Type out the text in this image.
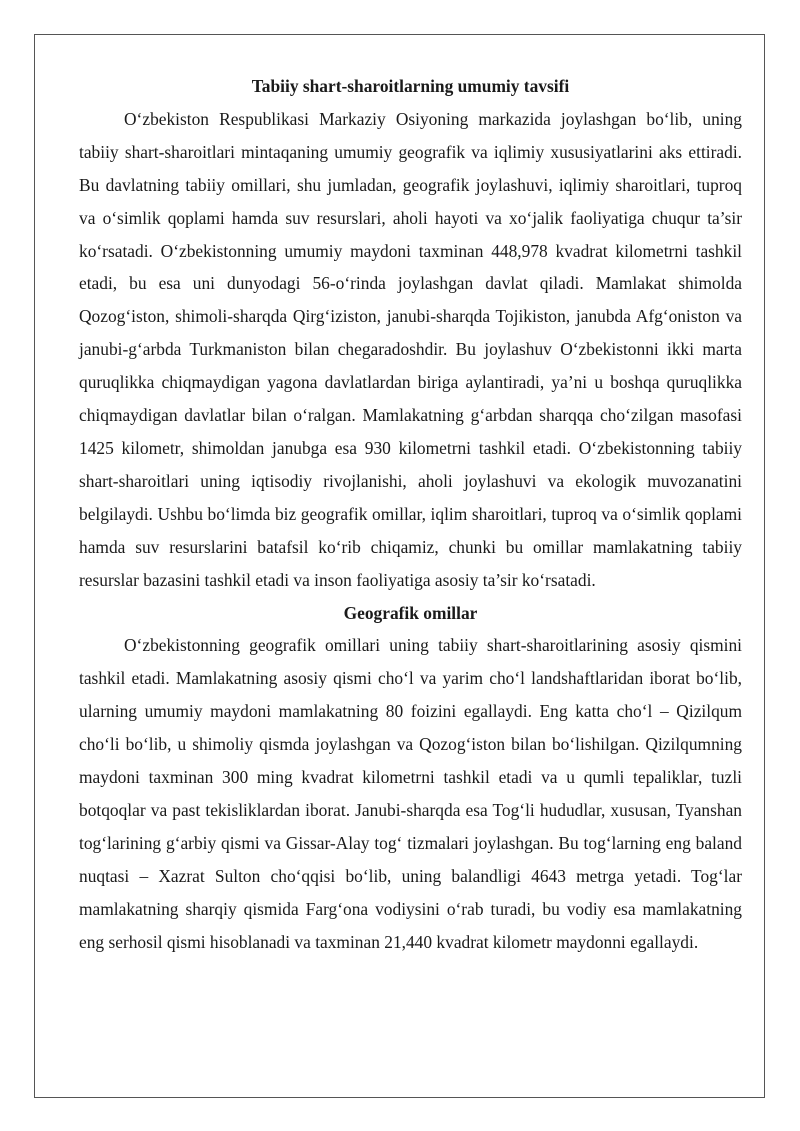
Tabiiy shart-sharoitlarning umumiy tavsifi

O‘zbekiston Respublikasi Markaziy Osiyoning markazida joylashgan bo‘lib, uning tabiiy shart-sharoitlari mintaqaning umumiy geografik va iqlimiy xususiyatlarini aks ettiradi. Bu davlatning tabiiy omillari, shu jumladan, geografik joylashuvi, iqlimiy sharoitlari, tuproq va o‘simlik qoplami hamda suv resurslari, aholi hayoti va xo‘jalik faoliyatiga chuqur ta’sir ko‘rsatadi. O‘zbekistonning umumiy maydoni taxminan 448,978 kvadrat kilometrni tashkil etadi, bu esa uni dunyodagi 56-o‘rinda joylashgan davlat qiladi. Mamlakat shimolda Qozog‘iston, shimoli-sharqda Qirg‘iziston, janubi-sharqda Tojikiston, janubda Afg‘oniston va janubi-g‘arbda Turkmaniston bilan chegaradoshdir. Bu joylashuv O‘zbekistonni ikki marta quruqlikka chiqmaydigan yagona davlatlardan biriga aylantiradi, ya’ni u boshqa quruqlikka chiqmaydigan davlatlar bilan o‘ralgan. Mamlakatning g‘arbdan sharqqa cho‘zilgan masofasi 1425 kilometr, shimoldan janubga esa 930 kilometrni tashkil etadi. O‘zbekistonning tabiiy shart-sharoitlari uning iqtisodiy rivojlanishi, aholi joylashuvi va ekologik muvozanatini belgilaydi. Ushbu bo‘limda biz geografik omillar, iqlim sharoitlari, tuproq va o‘simlik qoplami hamda suv resurslarini batafsil ko‘rib chiqamiz, chunki bu omillar mamlakatning tabiiy resurslar bazasini tashkil etadi va inson faoliyatiga asosiy ta’sir ko‘rsatadi.

Geografik omillar

O‘zbekistonning geografik omillari uning tabiiy shart-sharoitlarining asosiy qismini tashkil etadi. Mamlakatning asosiy qismi cho‘l va yarim cho‘l landshaftlaridan iborat bo‘lib, ularning umumiy maydoni mamlakatning 80 foizini egallaydi. Eng katta cho‘l – Qizilqum cho‘li bo‘lib, u shimoliy qismda joylashgan va Qozog‘iston bilan bo‘lishilgan. Qizilqumning maydoni taxminan 300 ming kvadrat kilometrni tashkil etadi va u qumli tepaliklar, tuzli botqoqlar va past tekisliklardan iborat. Janubi-sharqda esa Tog‘li hududlar, xususan, Tyanshan tog‘larining g‘arbiy qismi va Gissar-Alay tog‘ tizmalari joylashgan. Bu tog‘larning eng baland nuqtasi – Xazrat Sulton cho‘qqisi bo‘lib, uning balandligi 4643 metrga yetadi. Tog‘lar mamlakatning sharqiy qismida Farg‘ona vodiysini o‘rab turadi, bu vodiy esa mamlakatning eng serhosil qismi hisoblanadi va taxminan 21,440 kvadrat kilometr maydonni egallaydi.
